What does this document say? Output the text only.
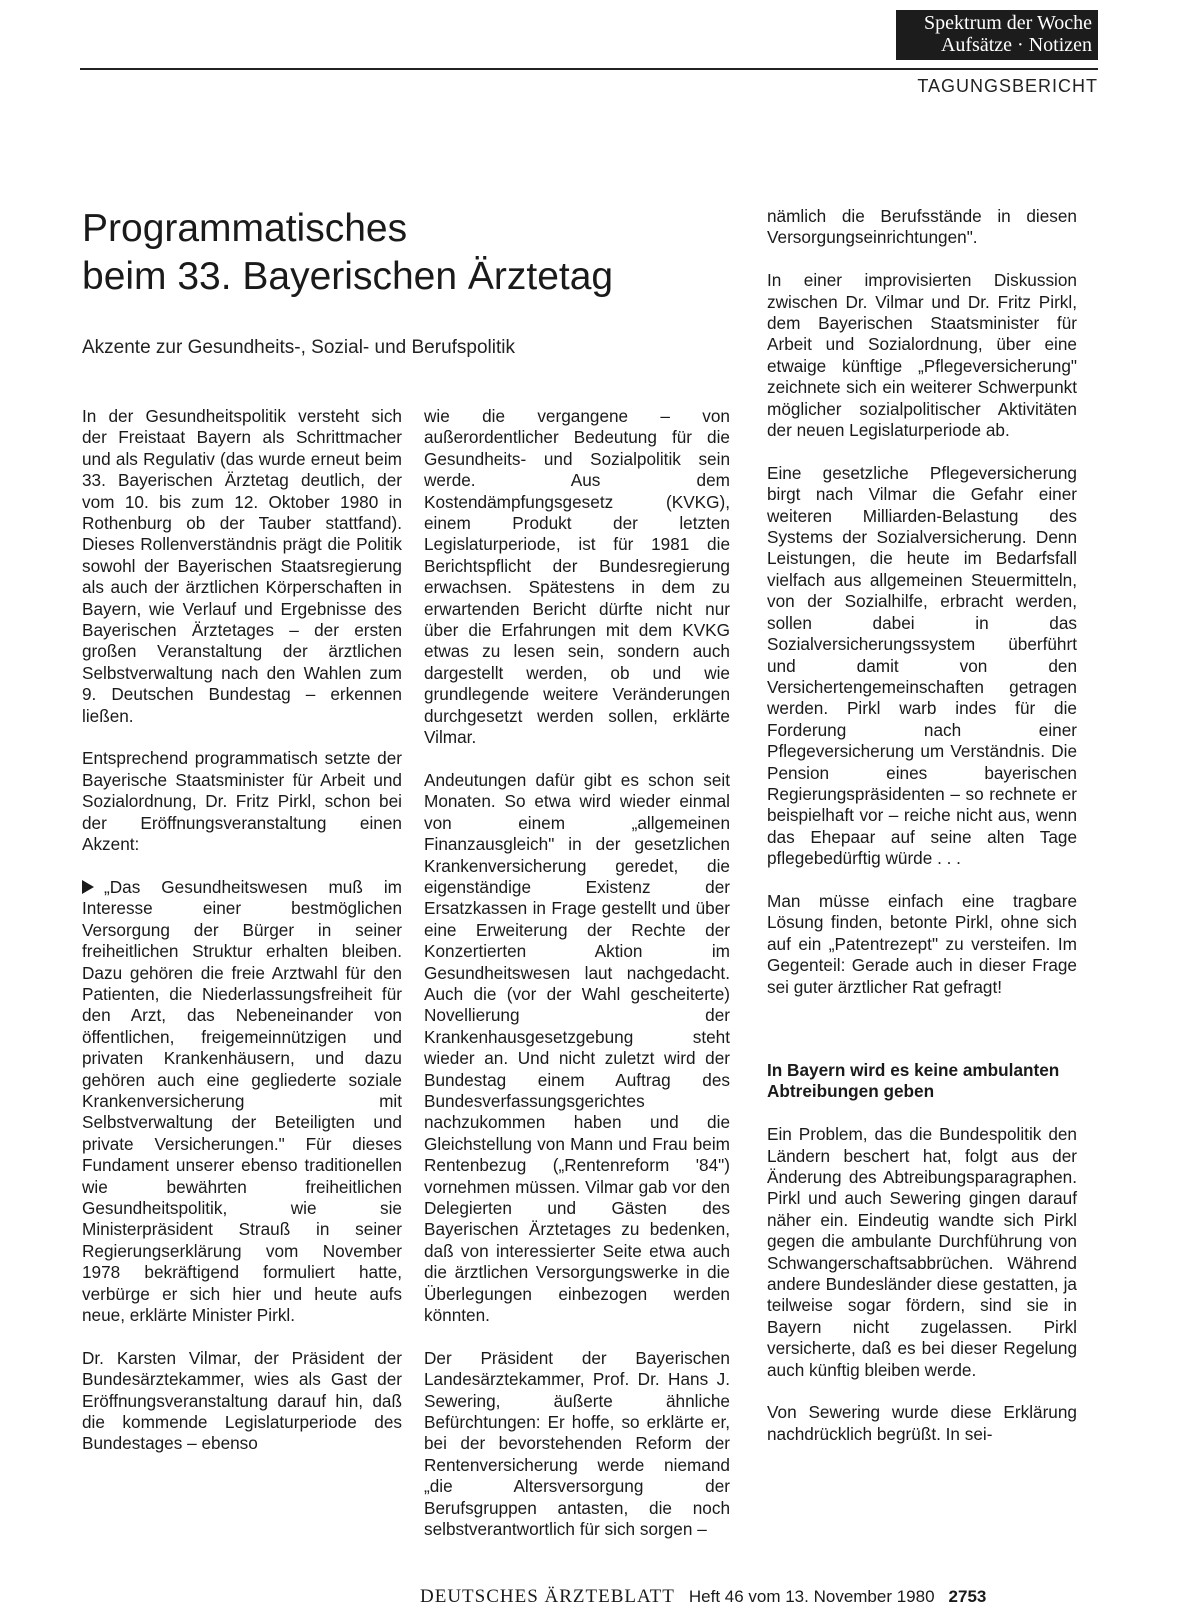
Spektrum der Woche
Aufsätze · Notizen
TAGUNGSBERICHT
Programmatisches
beim 33. Bayerischen Ärztetag

Akzente zur Gesundheits-, Sozial- und Berufspolitik

In der Gesundheitspolitik versteht sich der Freistaat Bayern als Schrittmacher und als Regulativ (das wurde erneut beim 33. Bayerischen Ärztetag deutlich, der vom 10. bis zum 12. Oktober 1980 in Rothenburg ob der Tauber stattfand). Dieses Rollenverständnis prägt die Politik sowohl der Bayerischen Staatsregierung als auch der ärztlichen Körperschaften in Bayern, wie Verlauf und Ergebnisse des Bayerischen Ärztetages – der ersten großen Veranstaltung der ärztlichen Selbstverwaltung nach den Wahlen zum 9. Deutschen Bundestag – erkennen ließen.

Entsprechend programmatisch setzte der Bayerische Staatsminister für Arbeit und Sozialordnung, Dr. Fritz Pirkl, schon bei der Eröffnungsveranstaltung einen Akzent:

„Das Gesundheitswesen muß im Interesse einer bestmöglichen Versorgung der Bürger in seiner freiheitlichen Struktur erhalten bleiben. Dazu gehören die freie Arztwahl für den Patienten, die Niederlassungsfreiheit für den Arzt, das Nebeneinander von öffentlichen, freigemeinnützigen und privaten Krankenhäusern, und dazu gehören auch eine gegliederte soziale Krankenversicherung mit Selbstverwaltung der Beteiligten und private Versicherungen." Für dieses Fundament unserer ebenso traditionellen wie bewährten freiheitlichen Gesundheitspolitik, wie sie Ministerpräsident Strauß in seiner Regierungserklärung vom November 1978 bekräftigend formuliert hatte, verbürge er sich hier und heute aufs neue, erklärte Minister Pirkl.

Dr. Karsten Vilmar, der Präsident der Bundesärztekammer, wies als Gast der Eröffnungsveranstaltung darauf hin, daß die kommende Legislaturperiode des Bundestages – ebenso

wie die vergangene – von außerordentlicher Bedeutung für die Gesundheits- und Sozialpolitik sein werde. Aus dem Kostendämpfungsgesetz (KVKG), einem Produkt der letzten Legislaturperiode, ist für 1981 die Berichtspflicht der Bundesregierung erwachsen. Spätestens in dem zu erwartenden Bericht dürfte nicht nur über die Erfahrungen mit dem KVKG etwas zu lesen sein, sondern auch dargestellt werden, ob und wie grundlegende weitere Veränderungen durchgesetzt werden sollen, erklärte Vilmar.

Andeutungen dafür gibt es schon seit Monaten. So etwa wird wieder einmal von einem „allgemeinen Finanzausgleich" in der gesetzlichen Krankenversicherung geredet, die eigenständige Existenz der Ersatzkassen in Frage gestellt und über eine Erweiterung der Rechte der Konzertierten Aktion im Gesundheitswesen laut nachgedacht. Auch die (vor der Wahl gescheiterte) Novellierung der Krankenhausgesetzgebung steht wieder an. Und nicht zuletzt wird der Bundestag einem Auftrag des Bundesverfassungsgerichtes nachzukommen haben und die Gleichstellung von Mann und Frau beim Rentenbezug („Rentenreform '84") vornehmen müssen. Vilmar gab vor den Delegierten und Gästen des Bayerischen Ärztetages zu bedenken, daß von interessierter Seite etwa auch die ärztlichen Versorgungswerke in die Überlegungen einbezogen werden könnten.

Der Präsident der Bayerischen Landesärztekammer, Prof. Dr. Hans J. Sewering, äußerte ähnliche Befürchtungen: Er hoffe, so erklärte er, bei der bevorstehenden Reform der Rentenversicherung werde niemand „die Altersversorgung der Berufsgruppen antasten, die noch selbstverantwortlich für sich sorgen –

nämlich die Berufsstände in diesen Versorgungseinrichtungen".

In einer improvisierten Diskussion zwischen Dr. Vilmar und Dr. Fritz Pirkl, dem Bayerischen Staatsminister für Arbeit und Sozialordnung, über eine etwaige künftige „Pflegeversicherung" zeichnete sich ein weiterer Schwerpunkt möglicher sozialpolitischer Aktivitäten der neuen Legislaturperiode ab.

Eine gesetzliche Pflegeversicherung birgt nach Vilmar die Gefahr einer weiteren Milliarden-Belastung des Systems der Sozialversicherung. Denn Leistungen, die heute im Bedarfsfall vielfach aus allgemeinen Steuermitteln, von der Sozialhilfe, erbracht werden, sollen dabei in das Sozialversicherungssystem überführt und damit von den Versichertengemeinschaften getragen werden. Pirkl warb indes für die Forderung nach einer Pflegeversicherung um Verständnis. Die Pension eines bayerischen Regierungspräsidenten – so rechnete er beispielhaft vor – reiche nicht aus, wenn das Ehepaar auf seine alten Tage pflegebedürftig würde . . .

Man müsse einfach eine tragbare Lösung finden, betonte Pirkl, ohne sich auf ein „Patentrezept" zu versteifen. Im Gegenteil: Gerade auch in dieser Frage sei guter ärztlicher Rat gefragt!

In Bayern wird es keine ambulanten Abtreibungen geben

Ein Problem, das die Bundespolitik den Ländern beschert hat, folgt aus der Änderung des Abtreibungsparagraphen. Pirkl und auch Sewering gingen darauf näher ein. Eindeutig wandte sich Pirkl gegen die ambulante Durchführung von Schwangerschaftsabbrüchen. Während andere Bundesländer diese gestatten, ja teilweise sogar fördern, sind sie in Bayern nicht zugelassen. Pirkl versicherte, daß es bei dieser Regelung auch künftig bleiben werde.

Von Sewering wurde diese Erklärung nachdrücklich begrüßt. In sei-

DEUTSCHES ÄRZTEBLATT Heft 46 vom 13. November 1980 2753
